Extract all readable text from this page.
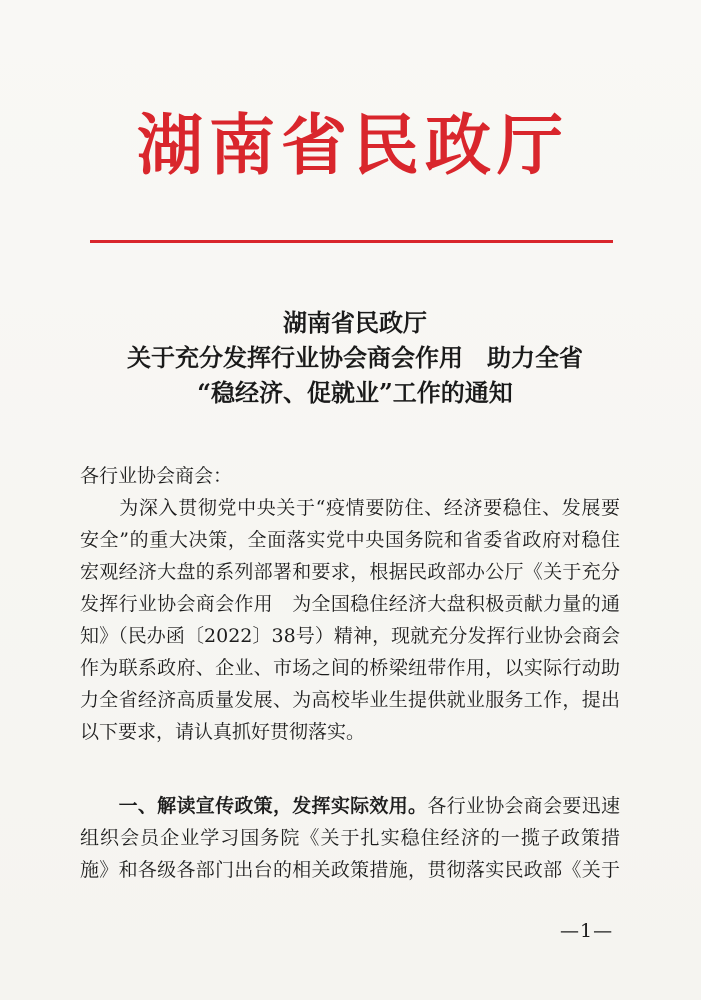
湖南省民政厅
湖南省民政厅
关于充分发挥行业协会商会作用　助力全省
“稳经济、促就业”工作的通知
各行业协会商会：
　　为深入贯彻党中央关于“疫情要防住、经济要稳住、发展要
安全”的重大决策，全面落实党中央国务院和省委省政府对稳住
宏观经济大盘的系列部署和要求，根据民政部办公厅《关于充分
发挥行业协会商会作用　为全国稳住经济大盘积极贡献力量的通
知》（民办函〔2022〕38号）精神，现就充分发挥行业协会商会
作为联系政府、企业、市场之间的桥梁纽带作用，以实际行动助
力全省经济高质量发展、为高校毕业生提供就业服务工作，提出
以下要求，请认真抓好贯彻落实。
　　一、解读宣传政策，发挥实际效用。各行业协会商会要迅速
组织会员企业学习国务院《关于扎实稳住经济的一揽子政策措
施》和各级各部门出台的相关政策措施，贯彻落实民政部《关于
—1—
